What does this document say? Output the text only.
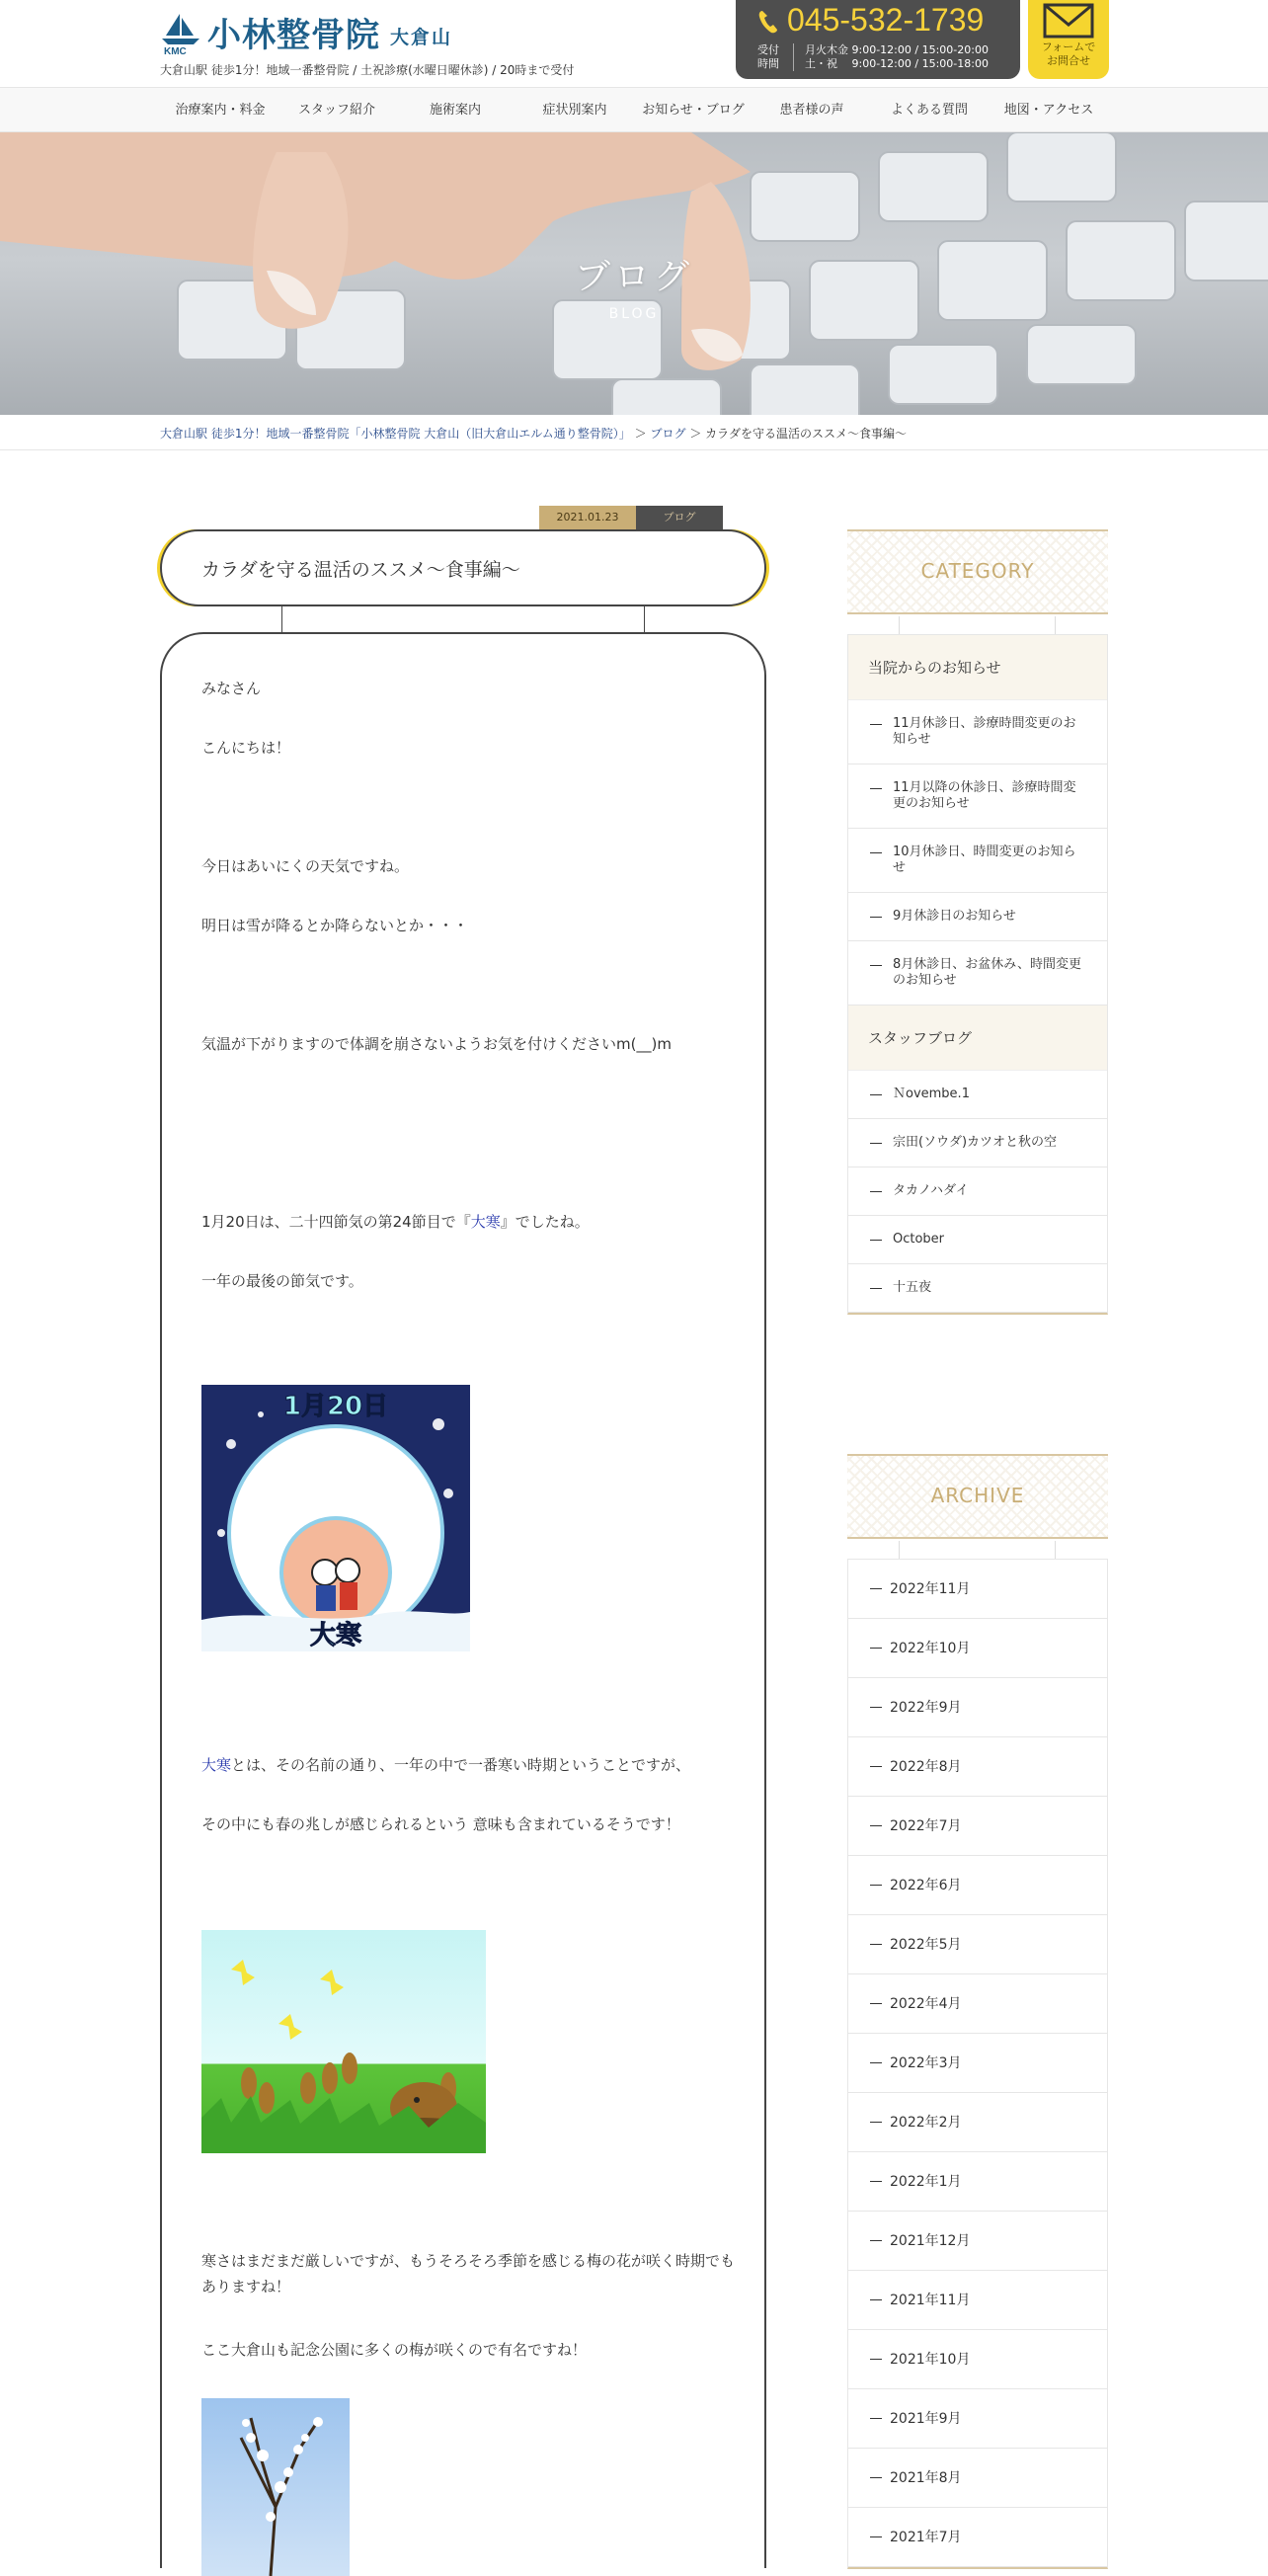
KMC 小林整骨院 大倉山
大倉山駅 徒歩1分！地域一番整骨院 / 土祝診療(水曜日曜休診) / 20時まで受付
045-532-1739
受付
時間
月火木金 9:00-12:00 / 15:00-20:00
土・祝 　9:00-12:00 / 15:00-18:00
フォームで
お問合せ
治療案内・料金	スタッフ紹介	施術案内	症状別案内	お知らせ・ブログ	患者様の声	よくある質問	地図・アクセス
ブログ
BLOG
大倉山駅 徒歩1分！地域一番整骨院「小林整骨院 大倉山（旧大倉山エルム通り整骨院）」 ＞ ブログ ＞ カラダを守る温活のススメ～食事編～
2021.01.23	ブログ
カラダを守る温活のススメ～食事編～
みなさん
こんにちは！
今日はあいにくの天気ですね。
明日は雪が降るとか降らないとか・・・
気温が下がりますので体調を崩さないようお気を付けくださいm(__)m
1月20日は、二十四節気の第24節目で『大寒』でしたね。
一年の最後の節気です。
1月20日
大寒
大寒とは、その名前の通り、一年の中で一番寒い時期ということですが、
その中にも春の兆しが感じられるという 意味も含まれているそうです！
寒さはまだまだ厳しいですが、もうそろそろ季節を感じる梅の花が咲く時期でもありますね！
ここ大倉山も記念公園に多くの梅が咲くので有名ですね！
CATEGORY
当院からのお知らせ
11月休診日、診療時間変更のお知らせ
11月以降の休診日、診療時間変更のお知らせ
10月休診日、時間変更のお知らせ
9月休診日のお知らせ
8月休診日、お盆休み、時間変更のお知らせ
スタッフブログ
Ｎovembe.1
宗田(ソウダ)カツオと秋の空
タカノハダイ
October
十五夜
ARCHIVE
2022年11月
2022年10月
2022年9月
2022年8月
2022年7月
2022年6月
2022年5月
2022年4月
2022年3月
2022年2月
2022年1月
2021年12月
2021年11月
2021年10月
2021年9月
2021年8月
2021年7月
